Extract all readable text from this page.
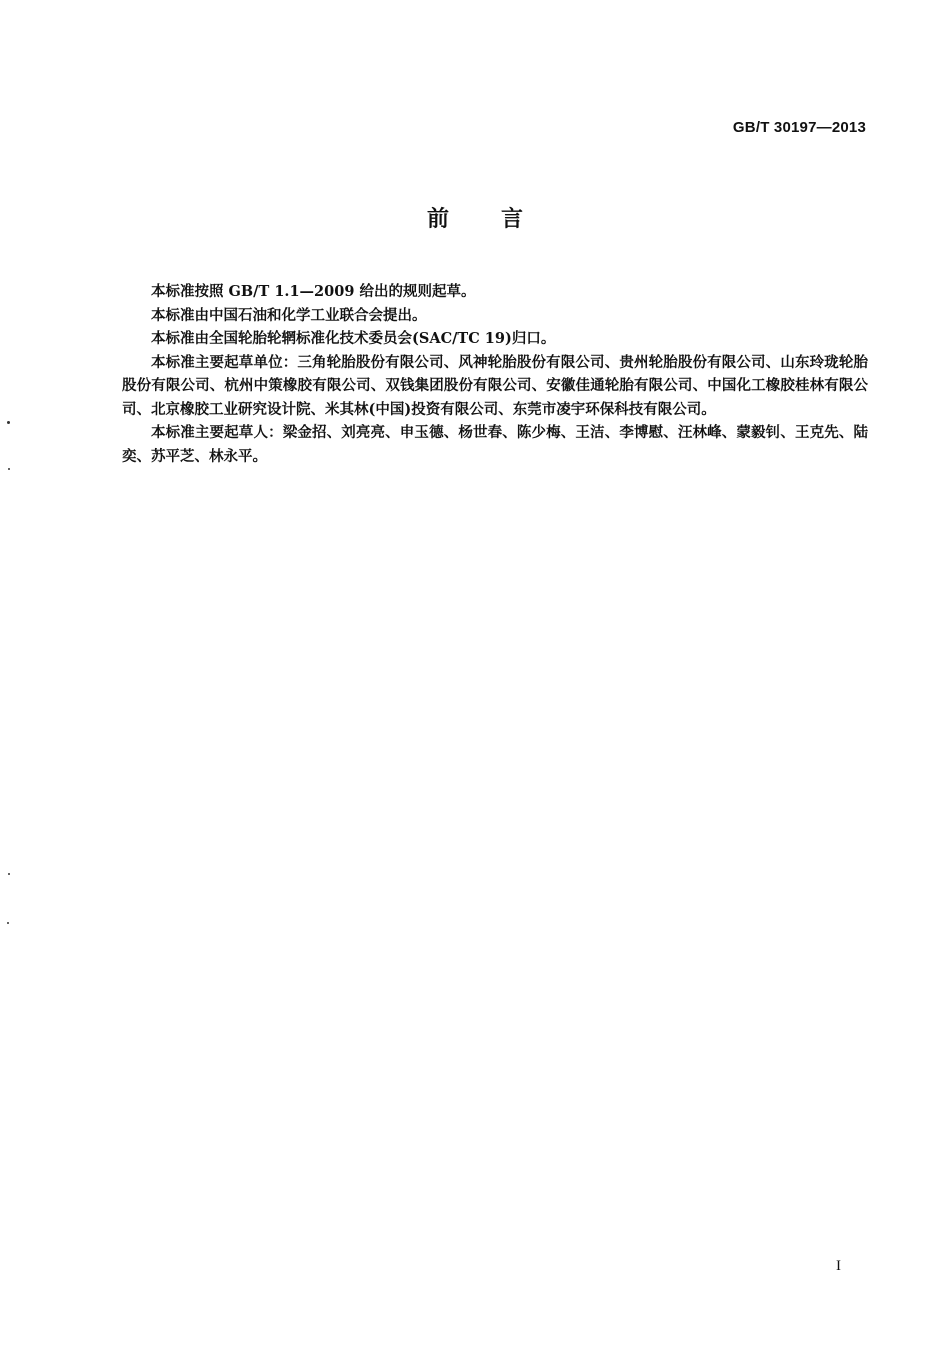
GB/T 30197—2013
前言

本标准按照 GB/T 1.1—2009 给出的规则起草。

本标准由中国石油和化学工业联合会提出。

本标准由全国轮胎轮辋标准化技术委员会(SAC/TC 19)归口。

本标准主要起草单位：三角轮胎股份有限公司、风神轮胎股份有限公司、贵州轮胎股份有限公司、山东玲珑轮胎股份有限公司、杭州中策橡胶有限公司、双钱集团股份有限公司、安徽佳通轮胎有限公司、中国化工橡胶桂林有限公司、北京橡胶工业研究设计院、米其林(中国)投资有限公司、东莞市凌宇环保科技有限公司。

本标准主要起草人：梁金招、刘亮亮、申玉德、杨世春、陈少梅、王洁、李博慰、汪林峰、蒙毅钊、王克先、陆奕、苏平芝、林永平。

I
